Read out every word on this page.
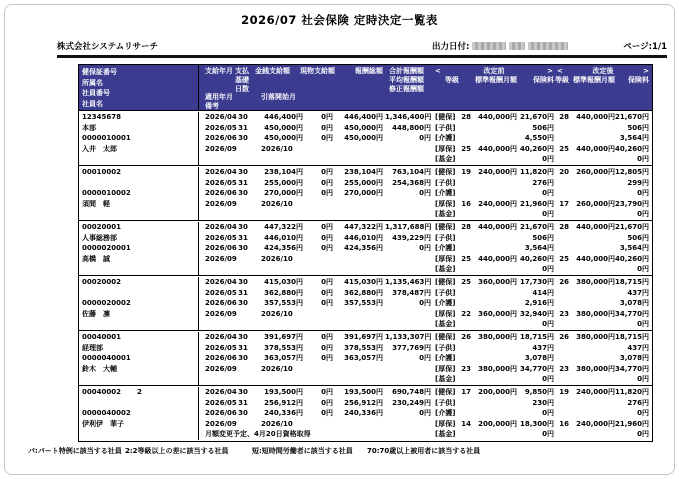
2026/07 社会保険 定時決定一覧表
株式会社システムリサーチ	出力日付:	ページ:1/1
健保証番号
所属名
社員番号
社員名
支給年月 支払 金銭支給額 現物支給額	報酬総額 合計報酬額	<	改定前	> <	改定後	>
基礎	平均報酬額	等級	標準報酬月額	保険料 等級 標準報酬月額	保険料
日数	修正報酬額
適用年月	引落開始月
備考
12345678	2026/04 30	446,400円	0円	446,400円 1,346,400円 [健保] 28	440,000円 21,670円 28	440,000円 21,670円
本部	2026/05 31	450,000円	0円	450,000円	448,800円 [子供]	506円	506円
0000010001	2026/06 30	450,000円	0円	450,000円	0円 [介護]	4,550円	3,564円
入井　太郎	2026/09	2026/10	[厚保] 25	440,000円 40,260円 25	440,000円 40,260円
[基金]	0円	0円
00010002	2026/04 30	238,104円	0円	238,104円	763,104円 [健保] 19	240,000円 11,820円 20	260,000円 12,805円
2026/05 31	255,000円	0円	255,000円	254,368円 [子供]	276円	299円
0000010002	2026/06 30	270,000円	0円	270,000円	0円 [介護]	0円	0円
須間　軽	2026/09	2026/10	[厚保] 16	240,000円 21,960円 17	260,000円 23,790円
[基金]	0円	0円
00020001	2026/04 30	447,322円	0円	447,322円 1,317,688円 [健保] 28	440,000円 21,670円 28	440,000円 21,670円
人事総務部	2026/05 31	446,010円	0円	446,010円	439,229円 [子供]	506円	506円
0000020001	2026/06 30	424,356円	0円	424,356円	0円 [介護]	3,564円	3,564円
高橋　誠	2026/09	2026/10	[厚保] 25	440,000円 40,260円 25	440,000円 40,260円
[基金]	0円	0円
00020002	2026/04 30	415,030円	0円	415,030円 1,135,463円 [健保] 25	360,000円 17,730円 26	380,000円 18,715円
2026/05 31	362,880円	0円	362,880円	378,487円 [子供]	414円	437円
0000020002	2026/06 30	357,553円	0円	357,553円	0円 [介護]	2,916円	3,078円
佐藤　凛	2026/09	2026/10	[厚保] 22	360,000円 32,940円 23	380,000円 34,770円
[基金]	0円	0円
00040001	2026/04 30	391,697円	0円	391,697円 1,133,307円 [健保] 26	380,000円 18,715円 26	380,000円 18,715円
経理部	2026/05 31	378,553円	0円	378,553円	377,769円 [子供]	437円	437円
0000040001	2026/06 30	363,057円	0円	363,057円	0円 [介護]	3,078円	3,078円
鈴木　大輔	2026/09	2026/10	[厚保] 23	380,000円 34,770円 23	380,000円 34,770円
[基金]	0円	0円
00040002 2	2026/04 30	193,500円	0円	193,500円	690,748円 [健保] 17	200,000円	9,850円 19	240,000円 11,820円
2026/05 31	256,912円	0円	256,912円	230,249円 [子供]	230円	276円
0000040002	2026/06 30	240,336円	0円	240,336円	0円 [介護]	0円	0円
伊利伊　華子	2026/09	2026/10	[厚保] 14	200,000円 18,300円 16	240,000円 21,960円
月額変更予定、4月20日資格取得	[基金]	0円	0円
パ:パート特例に該当する社員 2:2等級以上の差に該当する社員	短:短時間労働者に該当する社員 70:70歳以上被用者に該当する社員
